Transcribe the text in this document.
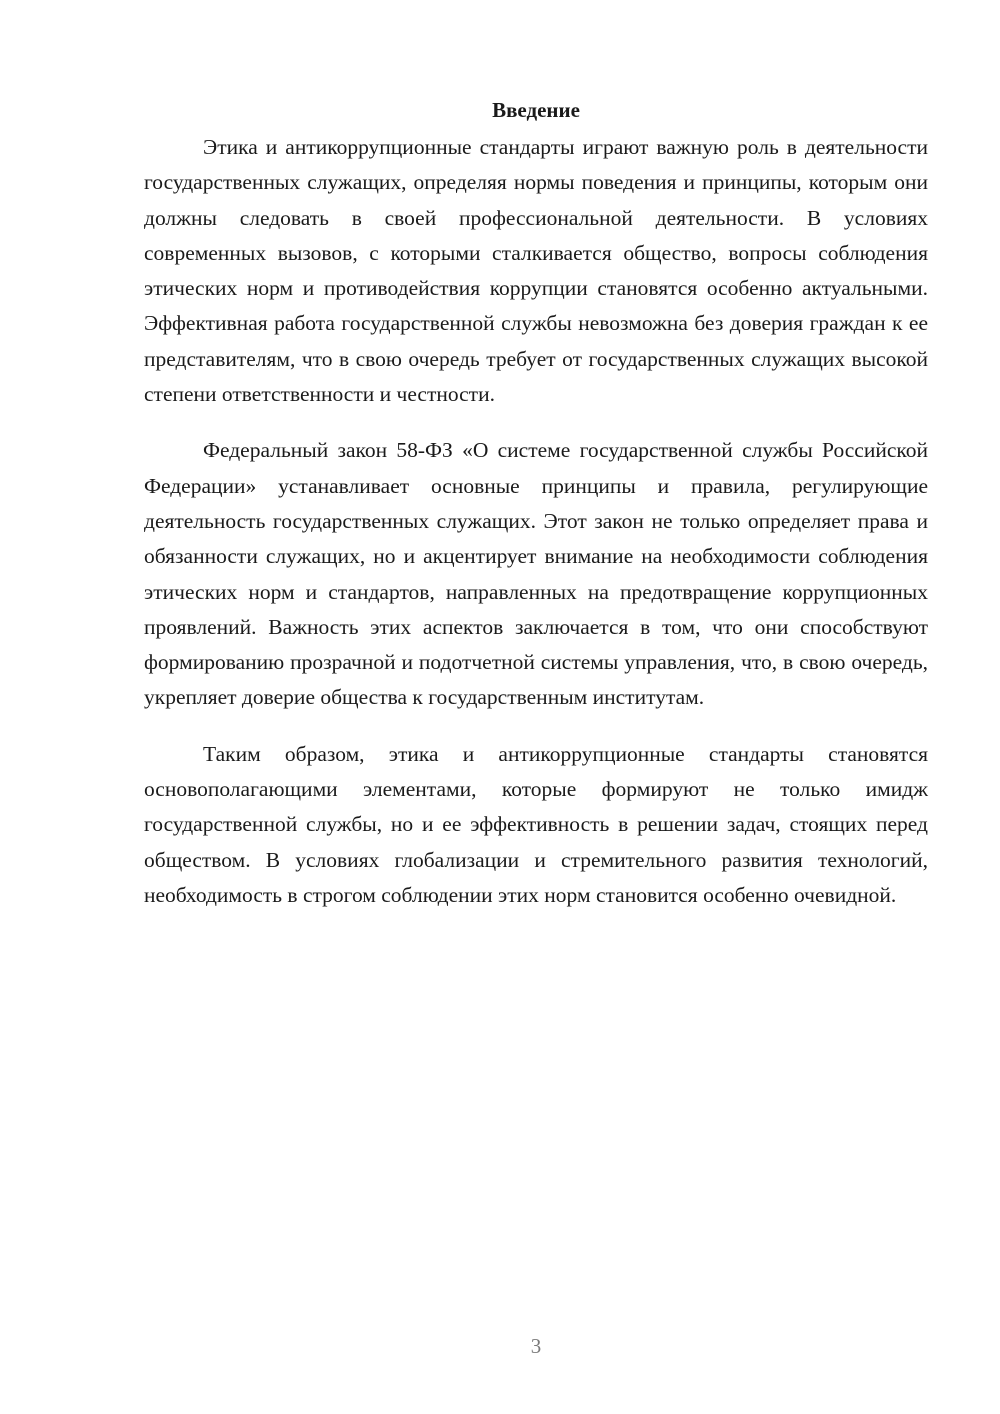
Введение

Этика и антикоррупционные стандарты играют важную роль в деятельности государственных служащих, определяя нормы поведения и принципы, которым они должны следовать в своей профессиональной деятельности. В условиях современных вызовов, с которыми сталкивается общество, вопросы соблюдения этических норм и противодействия коррупции становятся особенно актуальными. Эффективная работа государственной службы невозможна без доверия граждан к ее представителям, что в свою очередь требует от государственных служащих высокой степени ответственности и честности.

Федеральный закон 58-ФЗ «О системе государственной службы Российской Федерации» устанавливает основные принципы и правила, регулирующие деятельность государственных служащих. Этот закон не только определяет права и обязанности служащих, но и акцентирует внимание на необходимости соблюдения этических норм и стандартов, направленных на предотвращение коррупционных проявлений. Важность этих аспектов заключается в том, что они способствуют формированию прозрачной и подотчетной системы управления, что, в свою очередь, укрепляет доверие общества к государственным институтам.

Таким образом, этика и антикоррупционные стандарты становятся основополагающими элементами, которые формируют не только имидж государственной службы, но и ее эффективность в решении задач, стоящих перед обществом. В условиях глобализации и стремительного развития технологий, необходимость в строгом соблюдении этих норм становится особенно очевидной.

3
